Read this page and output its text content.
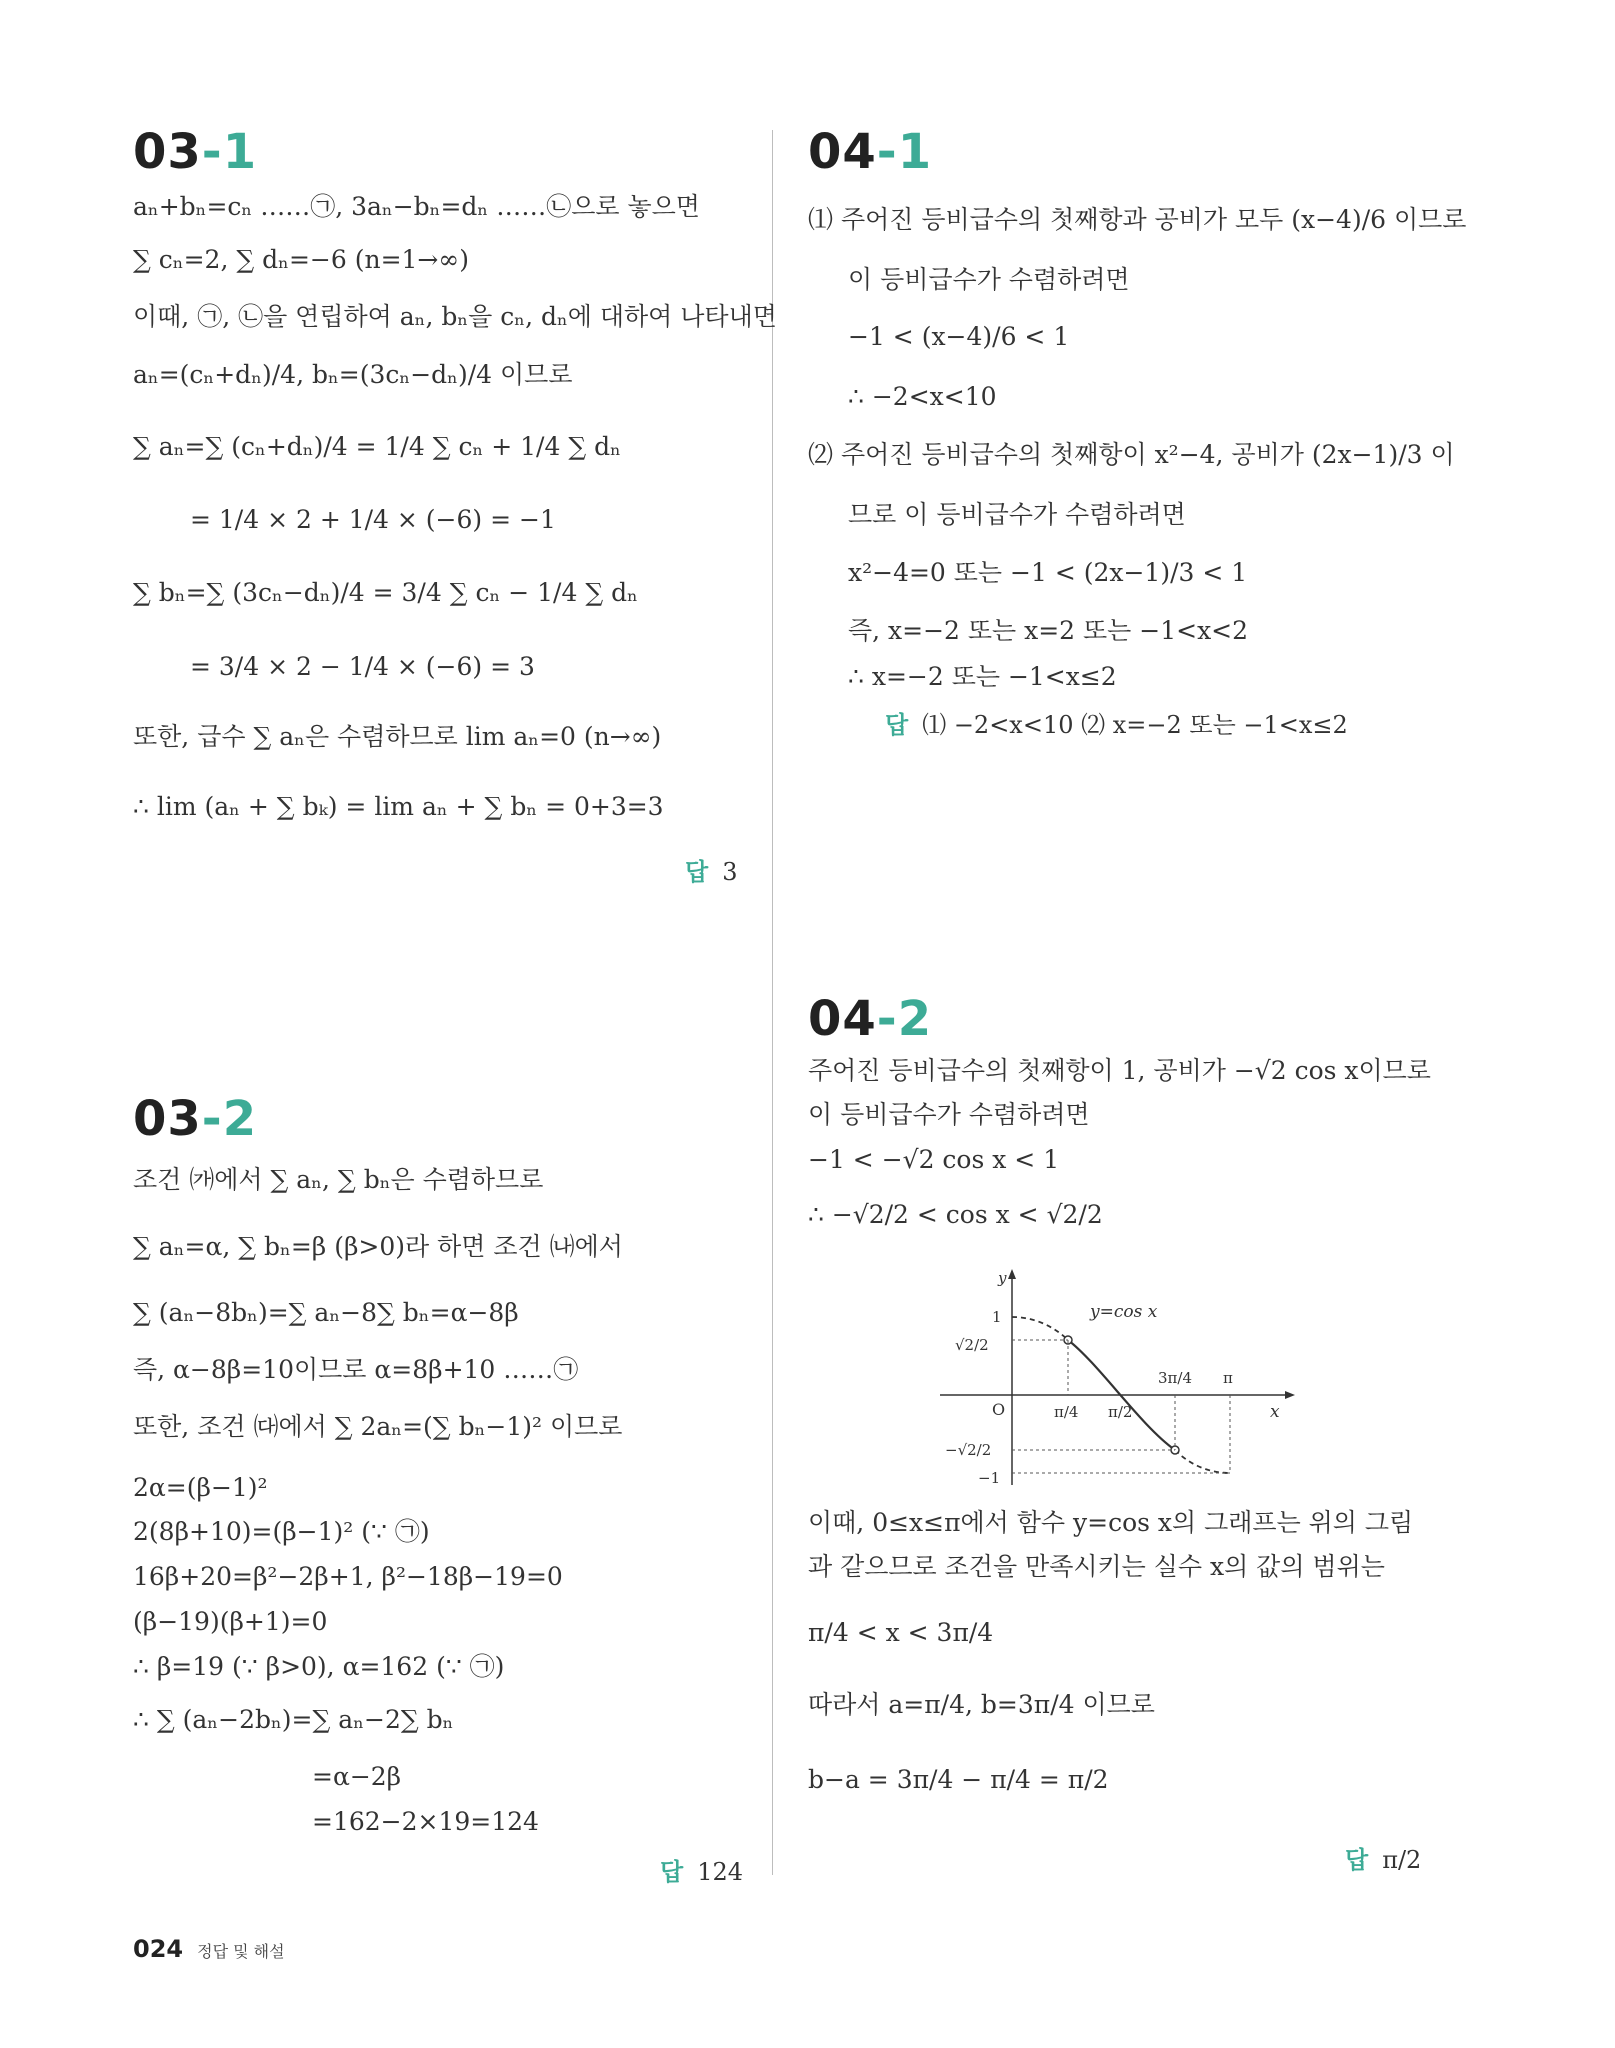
03-1
aₙ+bₙ=cₙ ……㉠, 3aₙ−bₙ=dₙ ……㉡으로 놓으면
∑ cₙ=2, ∑ dₙ=−6 (n=1→∞)
이때, ㉠, ㉡을 연립하여 aₙ, bₙ을 cₙ, dₙ에 대하여 나타내면
aₙ=(cₙ+dₙ)/4, bₙ=(3cₙ−dₙ)/4 이므로
∑ aₙ=∑ (cₙ+dₙ)/4 = 1/4 ∑ cₙ + 1/4 ∑ dₙ
= 1/4 × 2 + 1/4 × (−6) = −1
∑ bₙ=∑ (3cₙ−dₙ)/4 = 3/4 ∑ cₙ − 1/4 ∑ dₙ
= 3/4 × 2 − 1/4 × (−6) = 3
또한, 급수 ∑ aₙ은 수렴하므로 lim aₙ=0 (n→∞)
∴ lim (aₙ + ∑ bₖ) = lim aₙ + ∑ bₙ = 0+3=3
답 3
03-2
조건 ㈎에서 ∑ aₙ, ∑ bₙ은 수렴하므로
∑ aₙ=α, ∑ bₙ=β (β>0)라 하면 조건 ㈏에서
∑ (aₙ−8bₙ)=∑ aₙ−8∑ bₙ=α−8β
즉, α−8β=10이므로 α=8β+10 ……㉠
또한, 조건 ㈐에서 ∑ 2aₙ=(∑ bₙ−1)² 이므로
2α=(β−1)²
2(8β+10)=(β−1)² (∵ ㉠)
16β+20=β²−2β+1, β²−18β−19=0
(β−19)(β+1)=0
∴ β=19 (∵ β>0), α=162 (∵ ㉠)
∴ ∑ (aₙ−2bₙ)=∑ aₙ−2∑ bₙ
=α−2β
=162−2×19=124
답 124
04-1
⑴ 주어진 등비급수의 첫째항과 공비가 모두 (x−4)/6 이므로
이 등비급수가 수렴하려면
−1 < (x−4)/6 < 1
∴ −2<x<10
⑵ 주어진 등비급수의 첫째항이 x²−4, 공비가 (2x−1)/3 이
므로 이 등비급수가 수렴하려면
x²−4=0 또는 −1 < (2x−1)/3 < 1
즉, x=−2 또는 x=2 또는 −1<x<2
∴ x=−2 또는 −1<x≤2
답 ⑴ −2<x<10 ⑵ x=−2 또는 −1<x≤2
04-2
주어진 등비급수의 첫째항이 1, 공비가 −√2 cos x이므로
이 등비급수가 수렴하려면
−1 < −√2 cos x < 1
∴ −√2/2 < cos x < √2/2
y=cos x
y
x
O
1
√2/2
−√2/2
−1
π/4 π/2
3π/4 π
이때, 0≤x≤π에서 함수 y=cos x의 그래프는 위의 그림
과 같으므로 조건을 만족시키는 실수 x의 값의 범위는
π/4 < x < 3π/4
따라서 a=π/4, b=3π/4 이므로
b−a = 3π/4 − π/4 = π/2
답 π/2
024 정답 및 해설
